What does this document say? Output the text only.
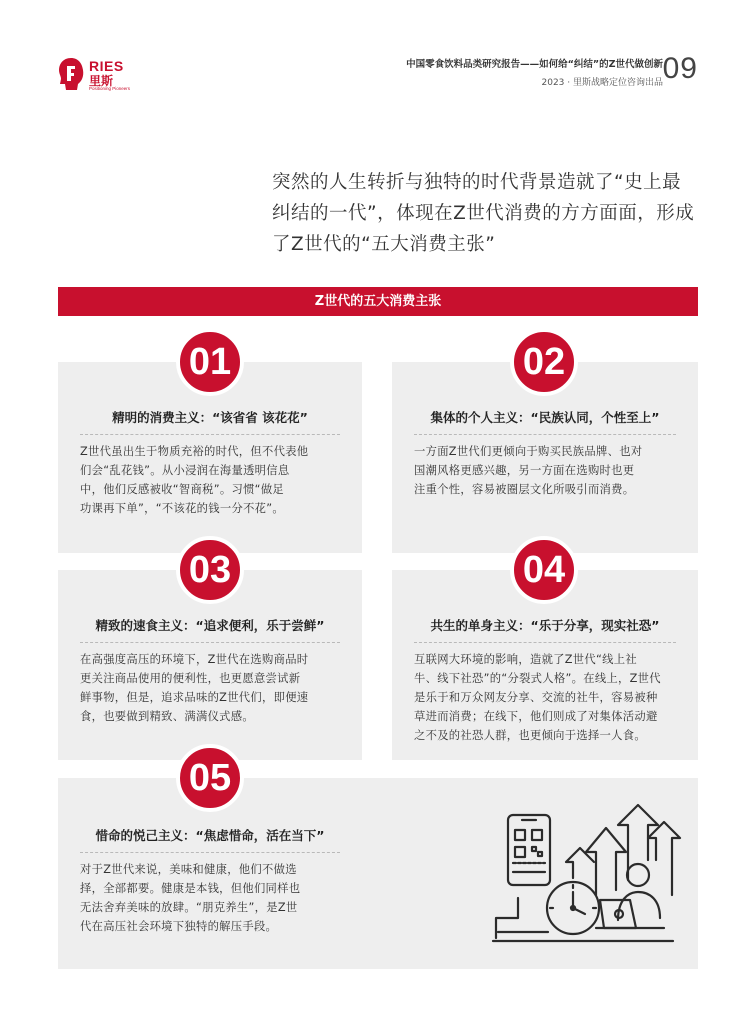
RIES
里斯
Positioning Pioneers
中国零食饮料品类研究报告——如何给“纠结”的Z世代做创新
2023 · 里斯战略定位咨询出品 09
突然的人生转折与独特的时代背景造就了“史上最
纠结的一代”，体现在Z世代消费的方方面面，形成
了Z世代的“五大消费主张”
Z世代的五大消费主张
精明的消费主义：“该省省 该花花”
Z世代虽出生于物质充裕的时代，但不代表他
们会“乱花钱”。从小浸润在海量透明信息
中，他们反感被收“智商税”。习惯“做足
功课再下单”，“不该花的钱一分不花”。
01
集体的个人主义：“民族认同，个性至上”
一方面Z世代们更倾向于购买民族品牌、也对
国潮风格更感兴趣，另一方面在选购时也更
注重个性，容易被圈层文化所吸引而消费。
02
精致的速食主义：“追求便利，乐于尝鲜”
在高强度高压的环境下，Z世代在选购商品时
更关注商品使用的便利性，也更愿意尝试新
鲜事物，但是，追求品味的Z世代们，即便速
食，也要做到精致、满满仪式感。
03
共生的单身主义：“乐于分享，现实社恐”
互联网大环境的影响，造就了Z世代“线上社
牛、线下社恐”的“分裂式人格”。在线上，Z世代
是乐于和万众网友分享、交流的社牛，容易被种
草进而消费；在线下，他们则成了对集体活动避
之不及的社恐人群，也更倾向于选择一人食。
04
惜命的悦己主义：“焦虑惜命，活在当下”
对于Z世代来说，美味和健康，他们不做选
择，全部都要。健康是本钱，但他们同样也
无法舍弃美味的放肆。“朋克养生”，是Z世
代在高压社会环境下独特的解压手段。
05
